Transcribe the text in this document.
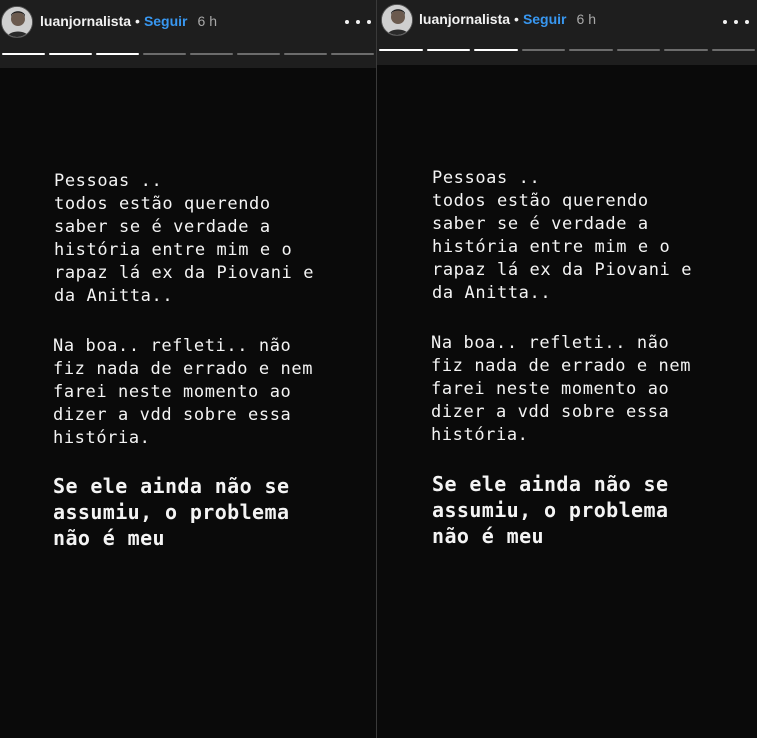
luanjornalista • Seguir 6 h
Pessoas ..
todos estão querendo
saber se é verdade a
história entre mim e o
rapaz lá ex da Piovani e
da Anitta..
Na boa.. refleti.. não
fiz nada de errado e nem
farei neste momento ao
dizer a vdd sobre essa
história.
Se ele ainda não se
assumiu, o problema
não é meu
luanjornalista • Seguir 6 h
Pessoas ..
todos estão querendo
saber se é verdade a
história entre mim e o
rapaz lá ex da Piovani e
da Anitta..
Na boa.. refleti.. não
fiz nada de errado e nem
farei neste momento ao
dizer a vdd sobre essa
história.
Se ele ainda não se
assumiu, o problema
não é meu
